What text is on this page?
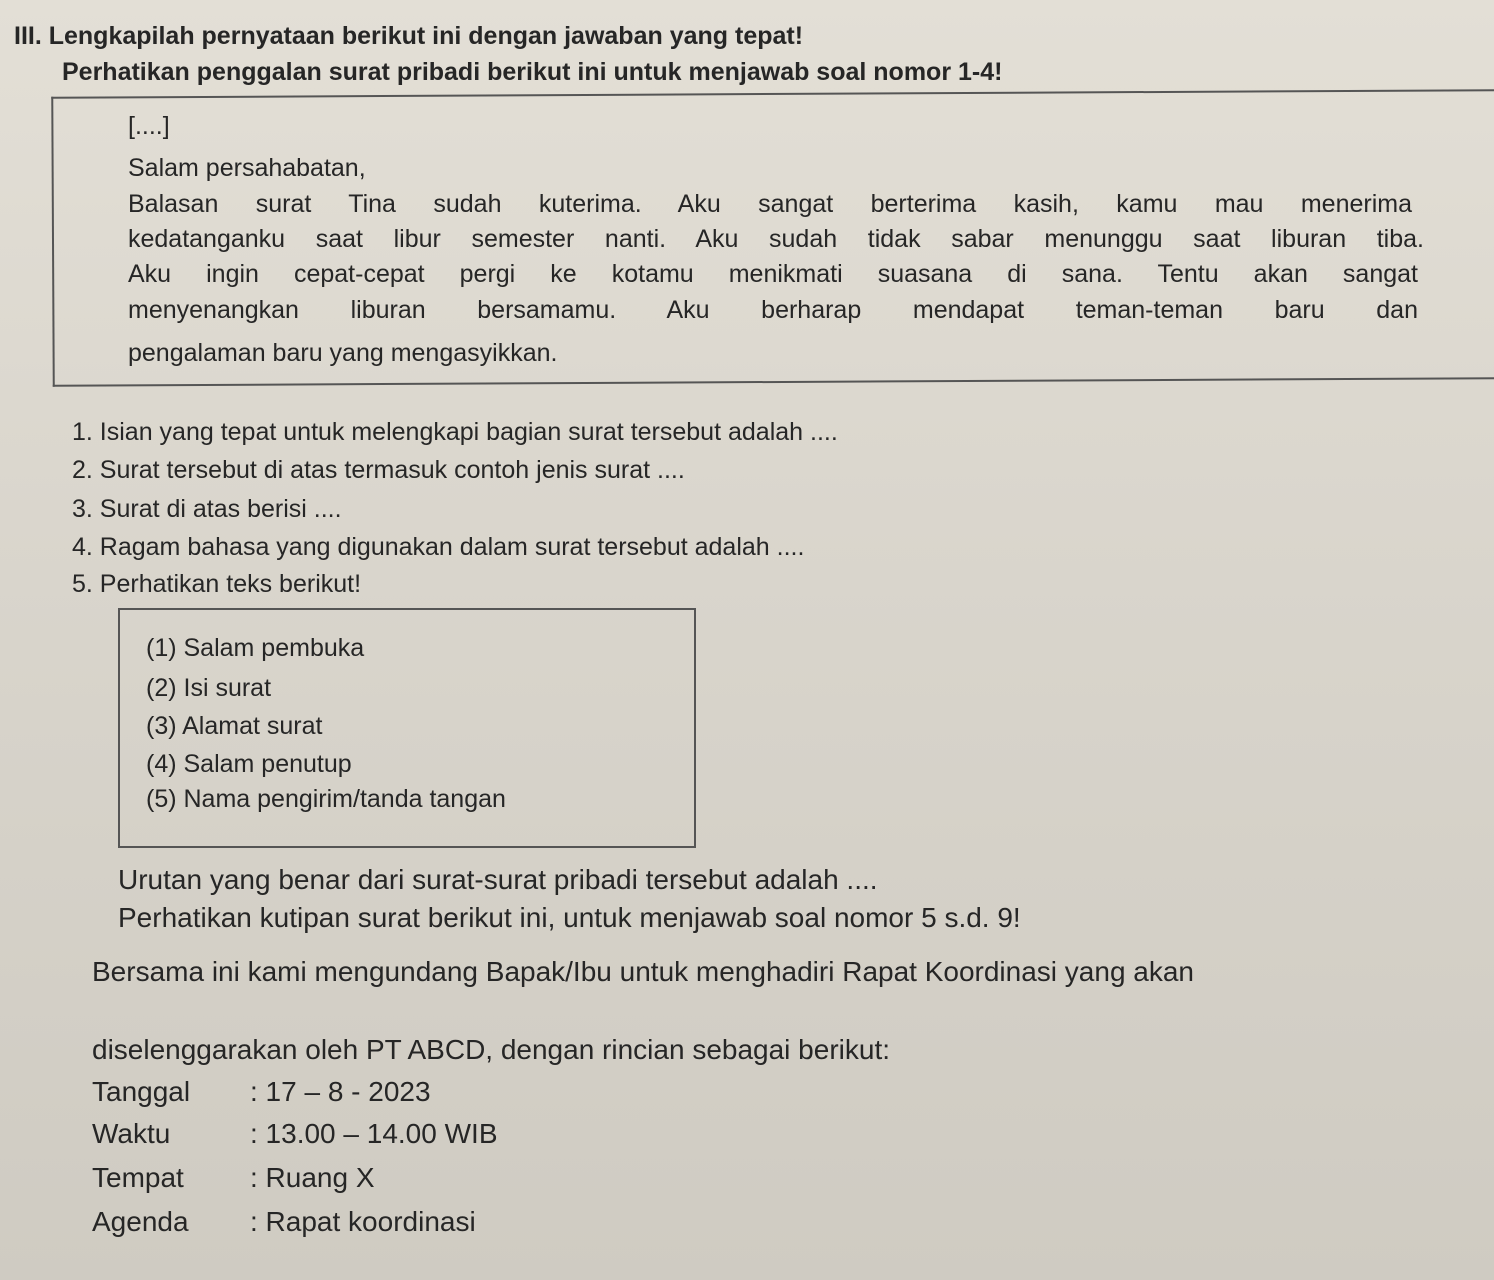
III. Lengkapilah pernyataan berikut ini dengan jawaban yang tepat!
Perhatikan penggalan surat pribadi berikut ini untuk menjawab soal nomor 1-4!
[....]
Salam persahabatan,
Balasan surat Tina sudah kuterima. Aku sangat berterima kasih, kamu mau menerima
kedatanganku saat libur semester nanti. Aku sudah tidak sabar menunggu saat liburan tiba.
Aku ingin cepat-cepat pergi ke kotamu menikmati suasana di sana. Tentu akan sangat
menyenangkan liburan bersamamu. Aku berharap mendapat teman-teman baru dan
pengalaman baru yang mengasyikkan.
1. Isian yang tepat untuk melengkapi bagian surat tersebut adalah ....
2. Surat tersebut di atas termasuk contoh jenis surat ....
3. Surat di atas berisi ....
4. Ragam bahasa yang digunakan dalam surat tersebut adalah ....
5. Perhatikan teks berikut!
(1) Salam pembuka
(2) Isi surat
(3) Alamat surat
(4) Salam penutup
(5) Nama pengirim/tanda tangan
Urutan yang benar dari surat-surat pribadi tersebut adalah ....
Perhatikan kutipan surat berikut ini, untuk menjawab soal nomor 5 s.d. 9!
Bersama ini kami mengundang Bapak/Ibu untuk menghadiri Rapat Koordinasi yang akan
diselenggarakan oleh PT ABCD, dengan rincian sebagai berikut:
Tanggal : 17 – 8 - 2023
Waktu	: 13.00 – 14.00 WIB
Tempat : Ruang X
Agenda : Rapat koordinasi
